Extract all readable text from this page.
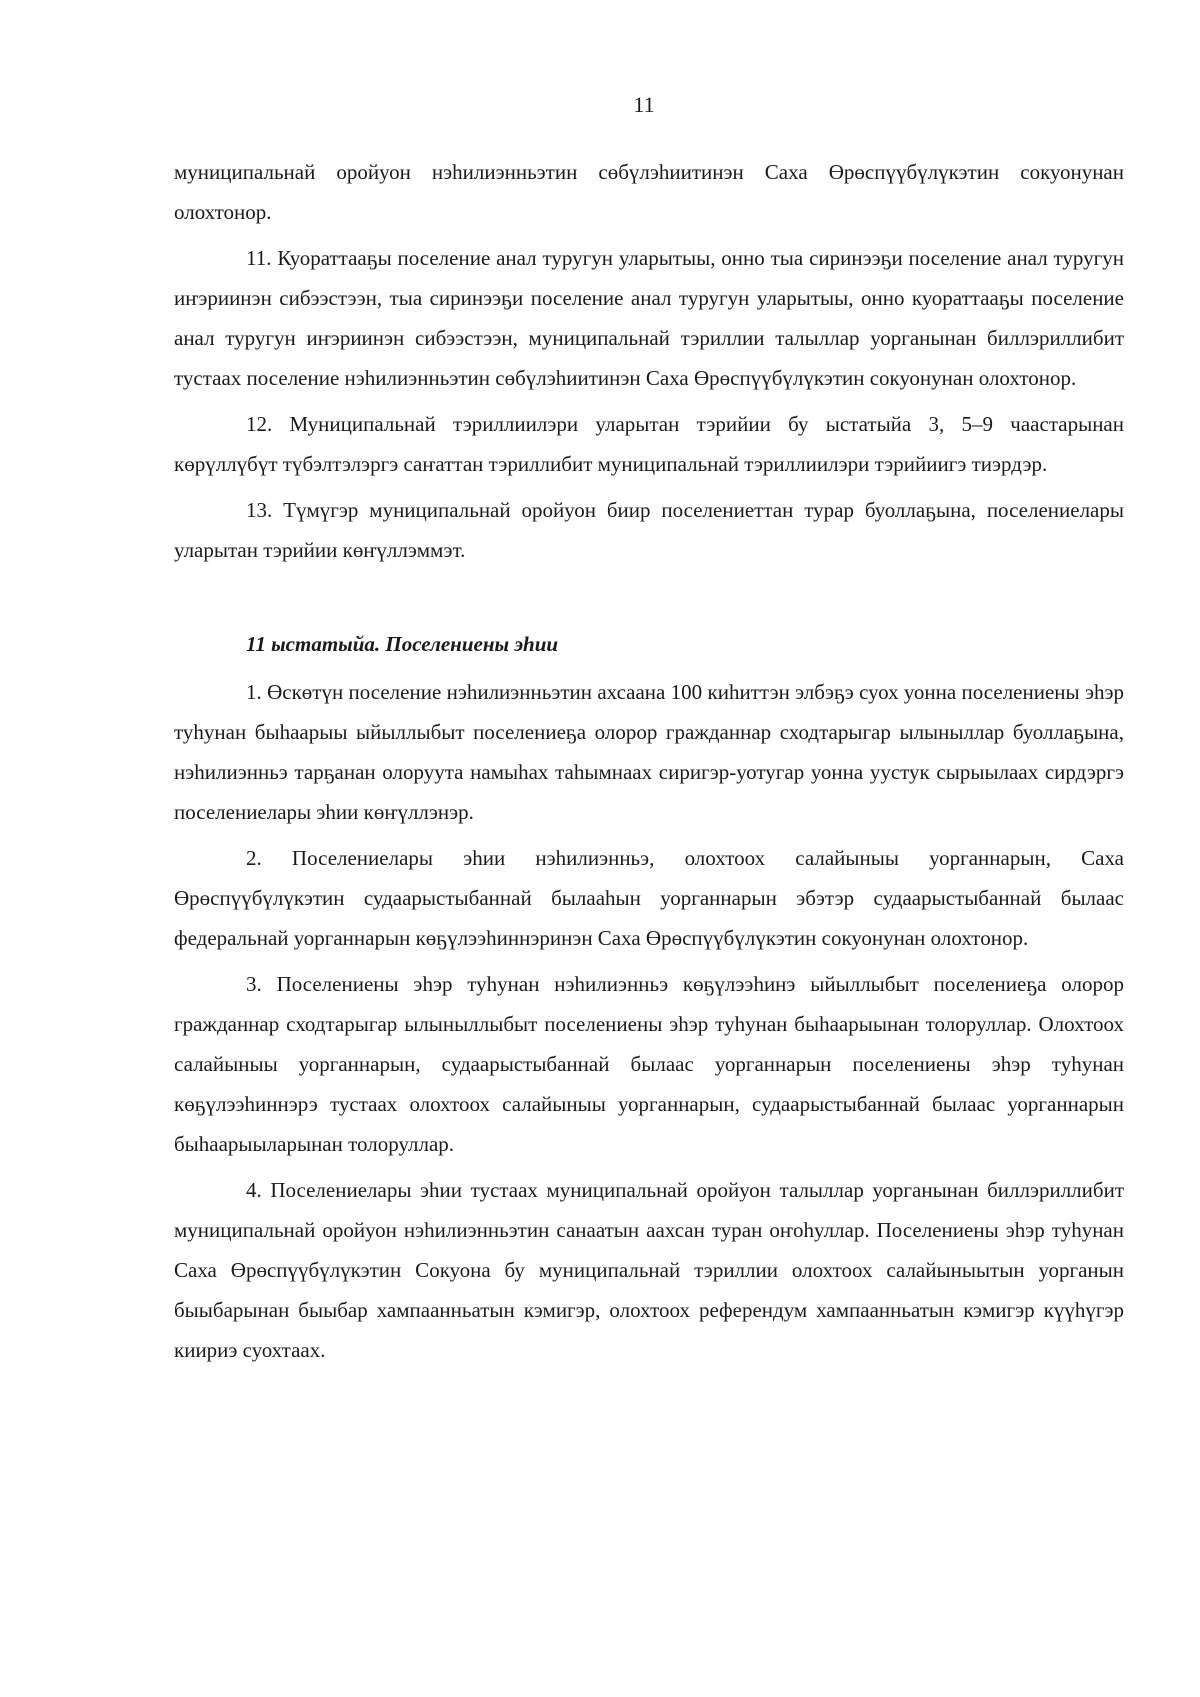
11

муниципальнай оройуон нэhилиэнньэтин сөбүлэhиитинэн Саха Өрөспүүбүлүкэтин сокуонунан олохтонор.

11. Куораттааҕы поселение анал туругун уларытыы, онно тыа сиринээҕи поселение анал туругун иҥэриинэн сибээстээн, тыа сиринээҕи поселение анал туругун уларытыы, онно куораттааҕы поселение анал туругун иҥэриинэн сибээстээн, муниципальнай тэриллии талыллар уорганынан биллэриллибит тустаах поселение нэhилиэнньэтин сөбүлэhиитинэн Саха Өрөспүүбүлүкэтин сокуонунан олохтонор.

12. Муниципальнай тэриллиилэри уларытан тэрийии бу ыстатыйа 3, 5–9 чаастарынан көрүллүбүт түбэлтэлэргэ саҥаттан тэриллибит муниципальнай тэриллиилэри тэрийиигэ тиэрдэр.

13. Түмүгэр муниципальнай оройуон биир поселениеттан турар буоллаҕына, поселениелары уларытан тэрийии көҥүллэммэт.

11 ыстатыйа. Поселениены эhии

1. Өскөтүн поселение нэhилиэнньэтин ахсаана 100 киhиттэн элбэҕэ суох уонна поселениены эhэр туhунан быhаарыы ыйыллыбыт поселениеҕа олорор гражданнар сходтарыгар ылыныллар буоллаҕына, нэhилиэнньэ тарҕанан олоруута намыhах таhымнаах сиригэр-уотугар уонна уустук сырыылаах сирдэргэ поселениелары эhии көҥүллэнэр.

2. Поселениелары эhии нэhилиэнньэ, олохтоох салайыныы уорганнарын, Саха Өрөспүүбүлүкэтин судаарыстыбаннай былааhын уорганнарын эбэтэр судаарыстыбаннай былаас федеральнай уорганнарын көҕүлээhиннэринэн Саха Өрөспүүбүлүкэтин сокуонунан олохтонор.

3. Поселениены эhэр туhунан нэhилиэнньэ көҕүлээhинэ ыйыллыбыт поселениеҕа олорор гражданнар сходтарыгар ылыныллыбыт поселениены эhэр туhунан быhаарыынан толоруллар. Олохтоох салайыныы уорганнарын, судаарыстыбаннай былаас уорганнарын поселениены эhэр туhунан көҕүлээhиннэрэ тустаах олохтоох салайыныы уорганнарын, судаарыстыбаннай былаас уорганнарын быhаарыыларынан толоруллар.

4. Поселениелары эhии тустаах муниципальнай оройуон талыллар уорганынан биллэриллибит муниципальнай оройуон нэhилиэнньэтин санаатын аахсан туран оҥоhуллар. Поселениены эhэр туhунан Саха Өрөспүүбүлүкэтин Сокуона бу муниципальнай тэриллии олохтоох салайыныытын уорганын быыбарынан быыбар хампаанньатын кэмигэр, олохтоох референдум хампаанньатын кэмигэр күүhүгэр киириэ суохтаах.
